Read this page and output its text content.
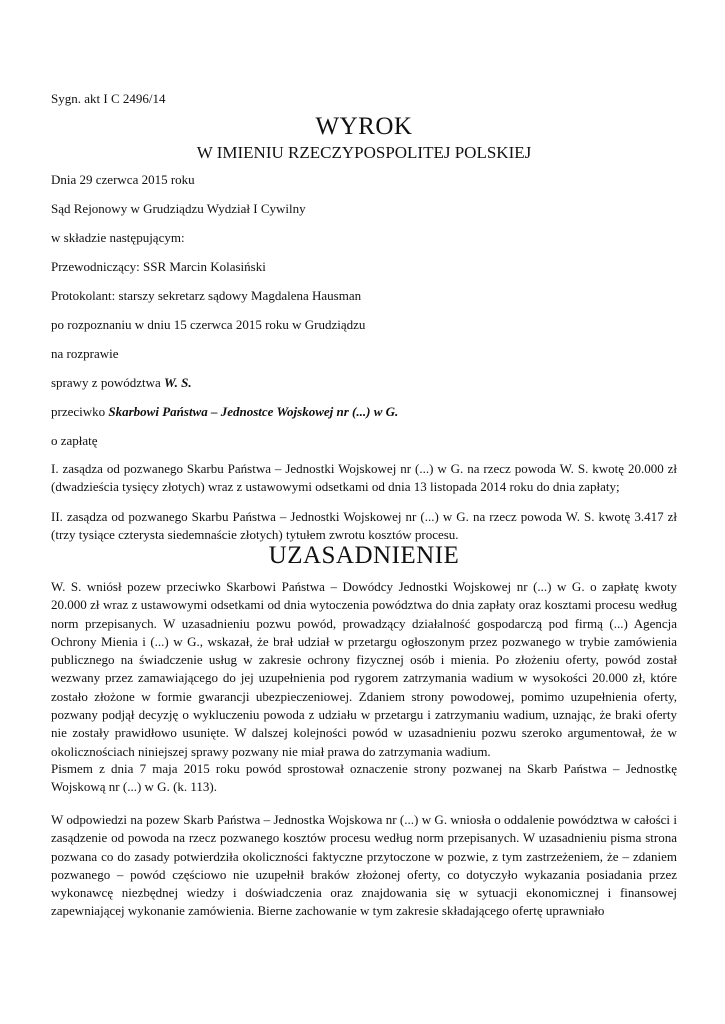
Sygn. akt I C 2496/14
WYROK
W IMIENIU RZECZYPOSPOLITEJ POLSKIEJ
Dnia 29 czerwca 2015 roku
Sąd Rejonowy w Grudziądzu Wydział I Cywilny
w składzie następującym:
Przewodniczący: SSR Marcin Kolasiński
Protokolant: starszy sekretarz sądowy Magdalena Hausman
po rozpoznaniu w dniu 15 czerwca 2015 roku w Grudziądzu
na rozprawie
sprawy z powództwa W. S.
przeciwko Skarbowi Państwa – Jednostce Wojskowej nr (...) w G.
o zapłatę
I. zasądza od pozwanego Skarbu Państwa – Jednostki Wojskowej nr (...) w G. na rzecz powoda W. S. kwotę 20.000 zł (dwadzieścia tysięcy złotych) wraz z ustawowymi odsetkami od dnia 13 listopada 2014 roku do dnia zapłaty;
II. zasądza od pozwanego Skarbu Państwa – Jednostki Wojskowej nr (...) w G. na rzecz powoda W. S. kwotę 3.417 zł (trzy tysiące czterysta siedemnaście złotych) tytułem zwrotu kosztów procesu.
UZASADNIENIE
W. S. wniósł pozew przeciwko Skarbowi Państwa – Dowódcy Jednostki Wojskowej nr (...) w G. o zapłatę kwoty 20.000 zł wraz z ustawowymi odsetkami od dnia wytoczenia powództwa do dnia zapłaty oraz kosztami procesu według norm przepisanych. W uzasadnieniu pozwu powód, prowadzący działalność gospodarczą pod firmą (...) Agencja Ochrony Mienia i (...) w G., wskazał, że brał udział w przetargu ogłoszonym przez pozwanego w trybie zamówienia publicznego na świadczenie usług w zakresie ochrony fizycznej osób i mienia. Po złożeniu oferty, powód został wezwany przez zamawiającego do jej uzupełnienia pod rygorem zatrzymania wadium w wysokości 20.000 zł, które zostało złożone w formie gwarancji ubezpieczeniowej. Zdaniem strony powodowej, pomimo uzupełnienia oferty, pozwany podjął decyzję o wykluczeniu powoda z udziału w przetargu i zatrzymaniu wadium, uznając, że braki oferty nie zostały prawidłowo usunięte. W dalszej kolejności powód w uzasadnieniu pozwu szeroko argumentował, że w okolicznościach niniejszej sprawy pozwany nie miał prawa do zatrzymania wadium.
Pismem z dnia 7 maja 2015 roku powód sprostował oznaczenie strony pozwanej na Skarb Państwa – Jednostkę Wojskową nr (...) w G. (k. 113).
W odpowiedzi na pozew Skarb Państwa – Jednostka Wojskowa nr (...) w G. wniosła o oddalenie powództwa w całości i zasądzenie od powoda na rzecz pozwanego kosztów procesu według norm przepisanych. W uzasadnieniu pisma strona pozwana co do zasady potwierdziła okoliczności faktyczne przytoczone w pozwie, z tym zastrzeżeniem, że – zdaniem pozwanego – powód częściowo nie uzupełnił braków złożonej oferty, co dotyczyło wykazania posiadania przez wykonawcę niezbędnej wiedzy i doświadczenia oraz znajdowania się w sytuacji ekonomicznej i finansowej zapewniającej wykonanie zamówienia. Bierne zachowanie w tym zakresie składającego ofertę uprawniało
